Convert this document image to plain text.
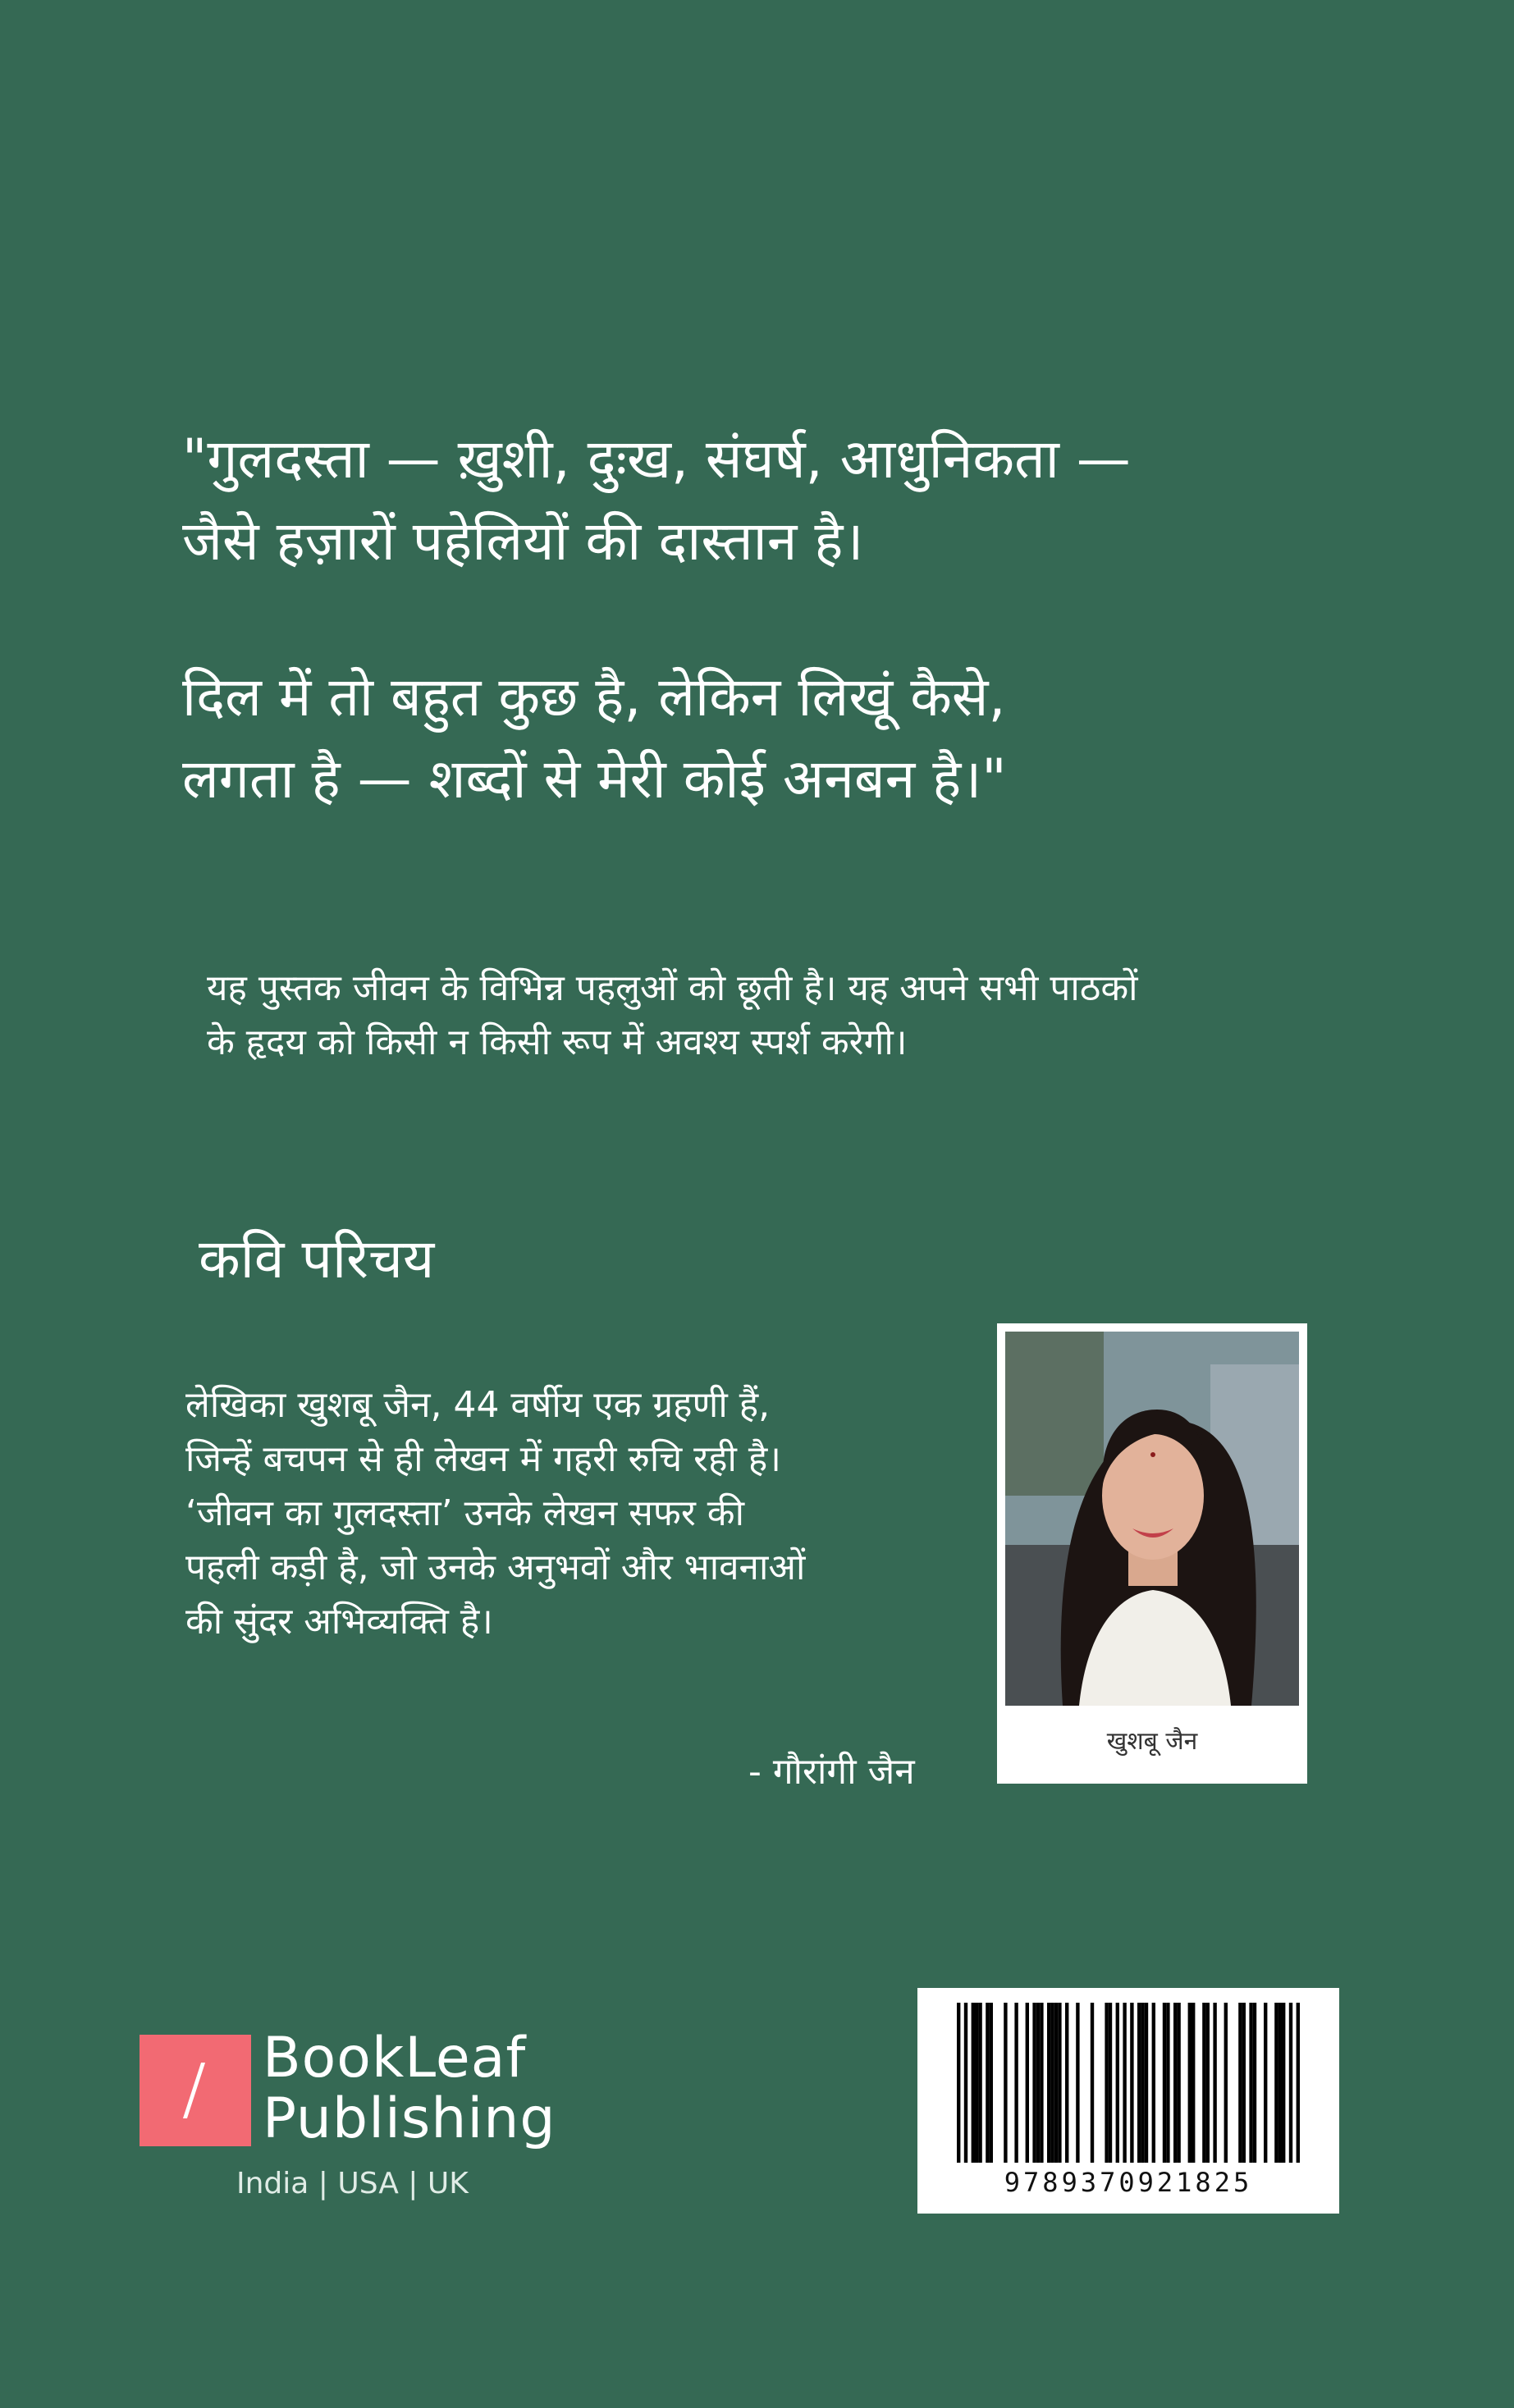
"गुलदस्ता — ख़ुशी, दुःख, संघर्ष, आधुनिकता —

जैसे हज़ारों पहेलियों की दास्तान है।

दिल में तो बहुत कुछ है, लेकिन लिखूं कैसे,

लगता है — शब्दों से मेरी कोई अनबन है।"

यह पुस्तक जीवन के विभिन्न पहलुओं को छूती है। यह अपने सभी पाठकों

के हृदय को किसी न किसी रूप में अवश्य स्पर्श करेगी।

कवि परिचय

लेखिका खुशबू जैन, 44 वर्षीय एक ग्रहणी हैं,

जिन्हें बचपन से ही लेखन में गहरी रुचि रही है।

‘जीवन का गुलदस्ता’ उनके लेखन सफर की

पहली कड़ी है, जो उनके अनुभवों और भावनाओं

की सुंदर अभिव्यक्ति है।

- गौरांगी जैन
खुशबू जैन
BookLeaf
Publishing
India | USA | UK	9789370921825
